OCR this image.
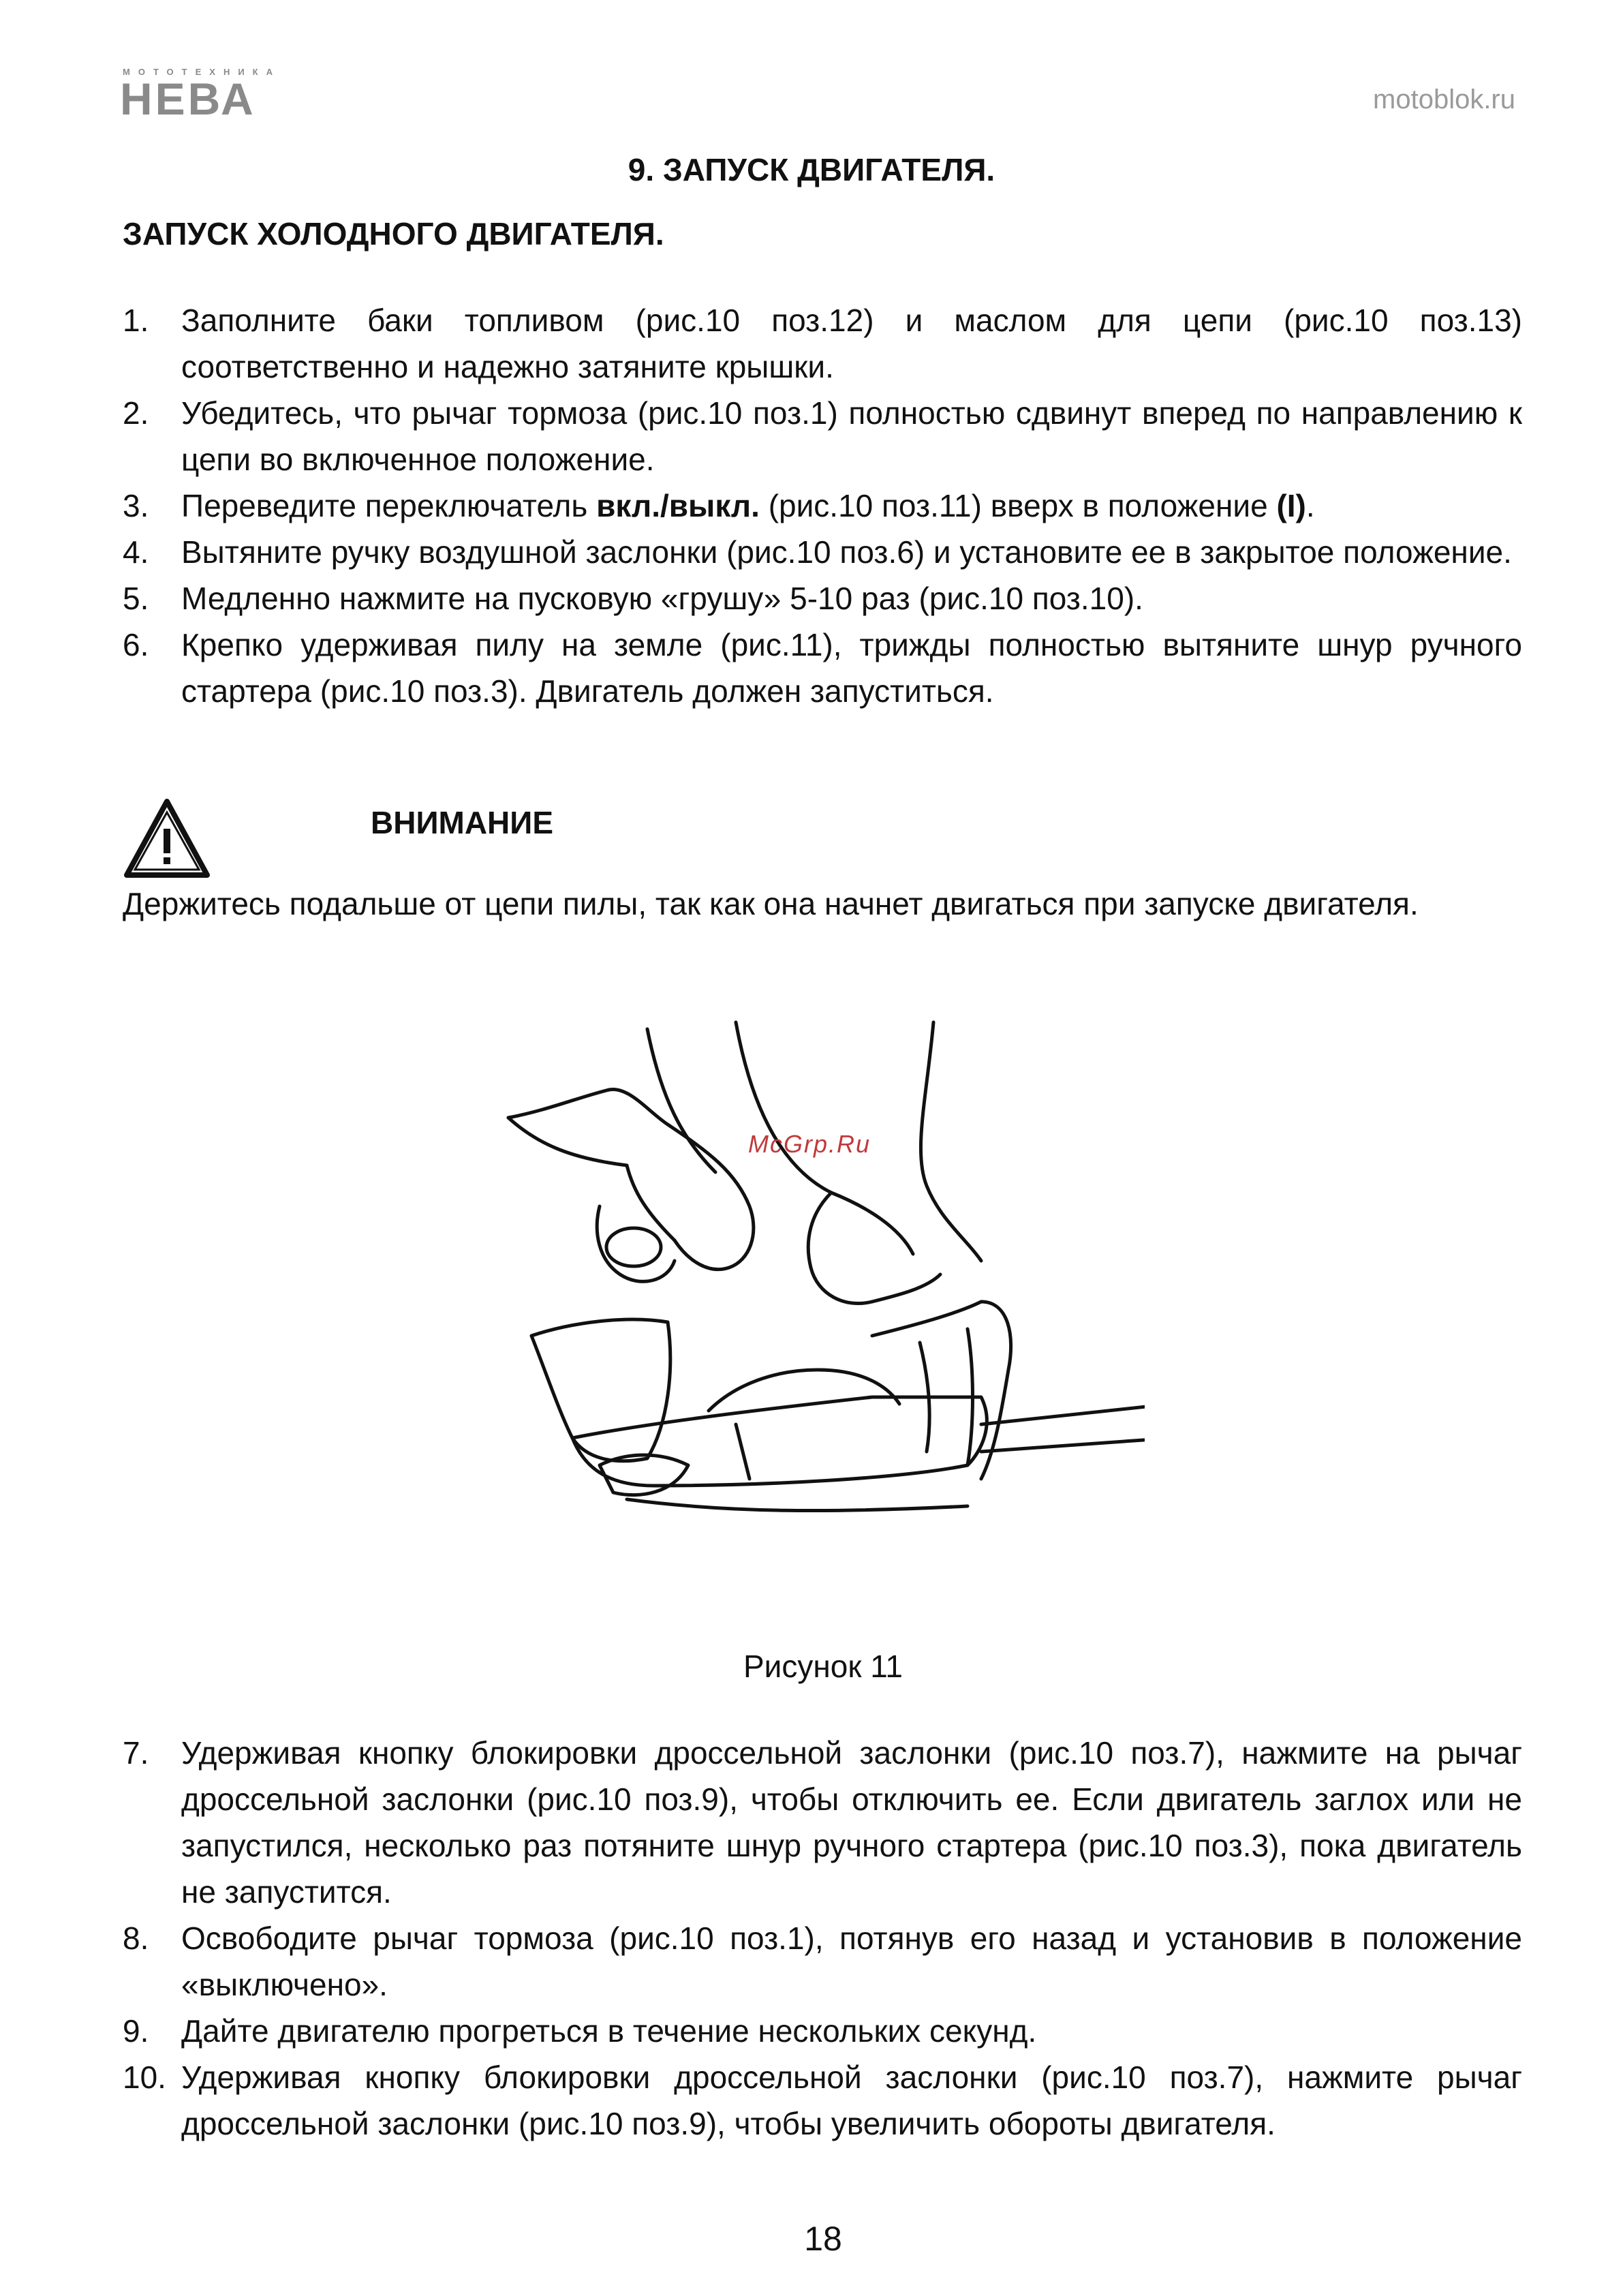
МОТОТЕХНИКА
НЕВА	motoblok.ru
9. ЗАПУСК ДВИГАТЕЛЯ.
ЗАПУСК ХОЛОДНОГО ДВИГАТЕЛЯ.
1. Заполните баки топливом (рис.10 поз.12) и маслом для цепи (рис.10 поз.13) соответственно и надежно затяните крышки.
2. Убедитесь, что рычаг тормоза (рис.10 поз.1) полностью сдвинут вперед по направлению к цепи во включенное положение.
3. Переведите переключатель вкл./выкл. (рис.10 поз.11) вверх в положение (I).
4. Вытяните ручку воздушной заслонки (рис.10 поз.6) и установите ее в закрытое положение.
5. Медленно нажмите на пусковую «грушу» 5-10 раз (рис.10 поз.10).
6. Крепко удерживая пилу на земле (рис.11), трижды полностью вытяните шнур ручного стартера (рис.10 поз.3). Двигатель должен запуститься.
ВНИМАНИЕ
Держитесь подальше от цепи пилы, так как она начнет двигаться при запуске двигателя.
McGrp.Ru
Рисунок 11
7. Удерживая кнопку блокировки дроссельной заслонки (рис.10 поз.7), нажмите на рычаг дроссельной заслонки (рис.10 поз.9), чтобы отключить ее. Если двигатель заглох или не запустился, несколько раз потяните шнур ручного стартера (рис.10 поз.3), пока двигатель не запустится.
8. Освободите рычаг тормоза (рис.10 поз.1), потянув его назад и установив в положение «выключено».
9. Дайте двигателю прогреться в течение нескольких секунд.
10. Удерживая кнопку блокировки дроссельной заслонки (рис.10 поз.7), нажмите рычаг дроссельной заслонки (рис.10 поз.9), чтобы увеличить обороты двигателя.
18
